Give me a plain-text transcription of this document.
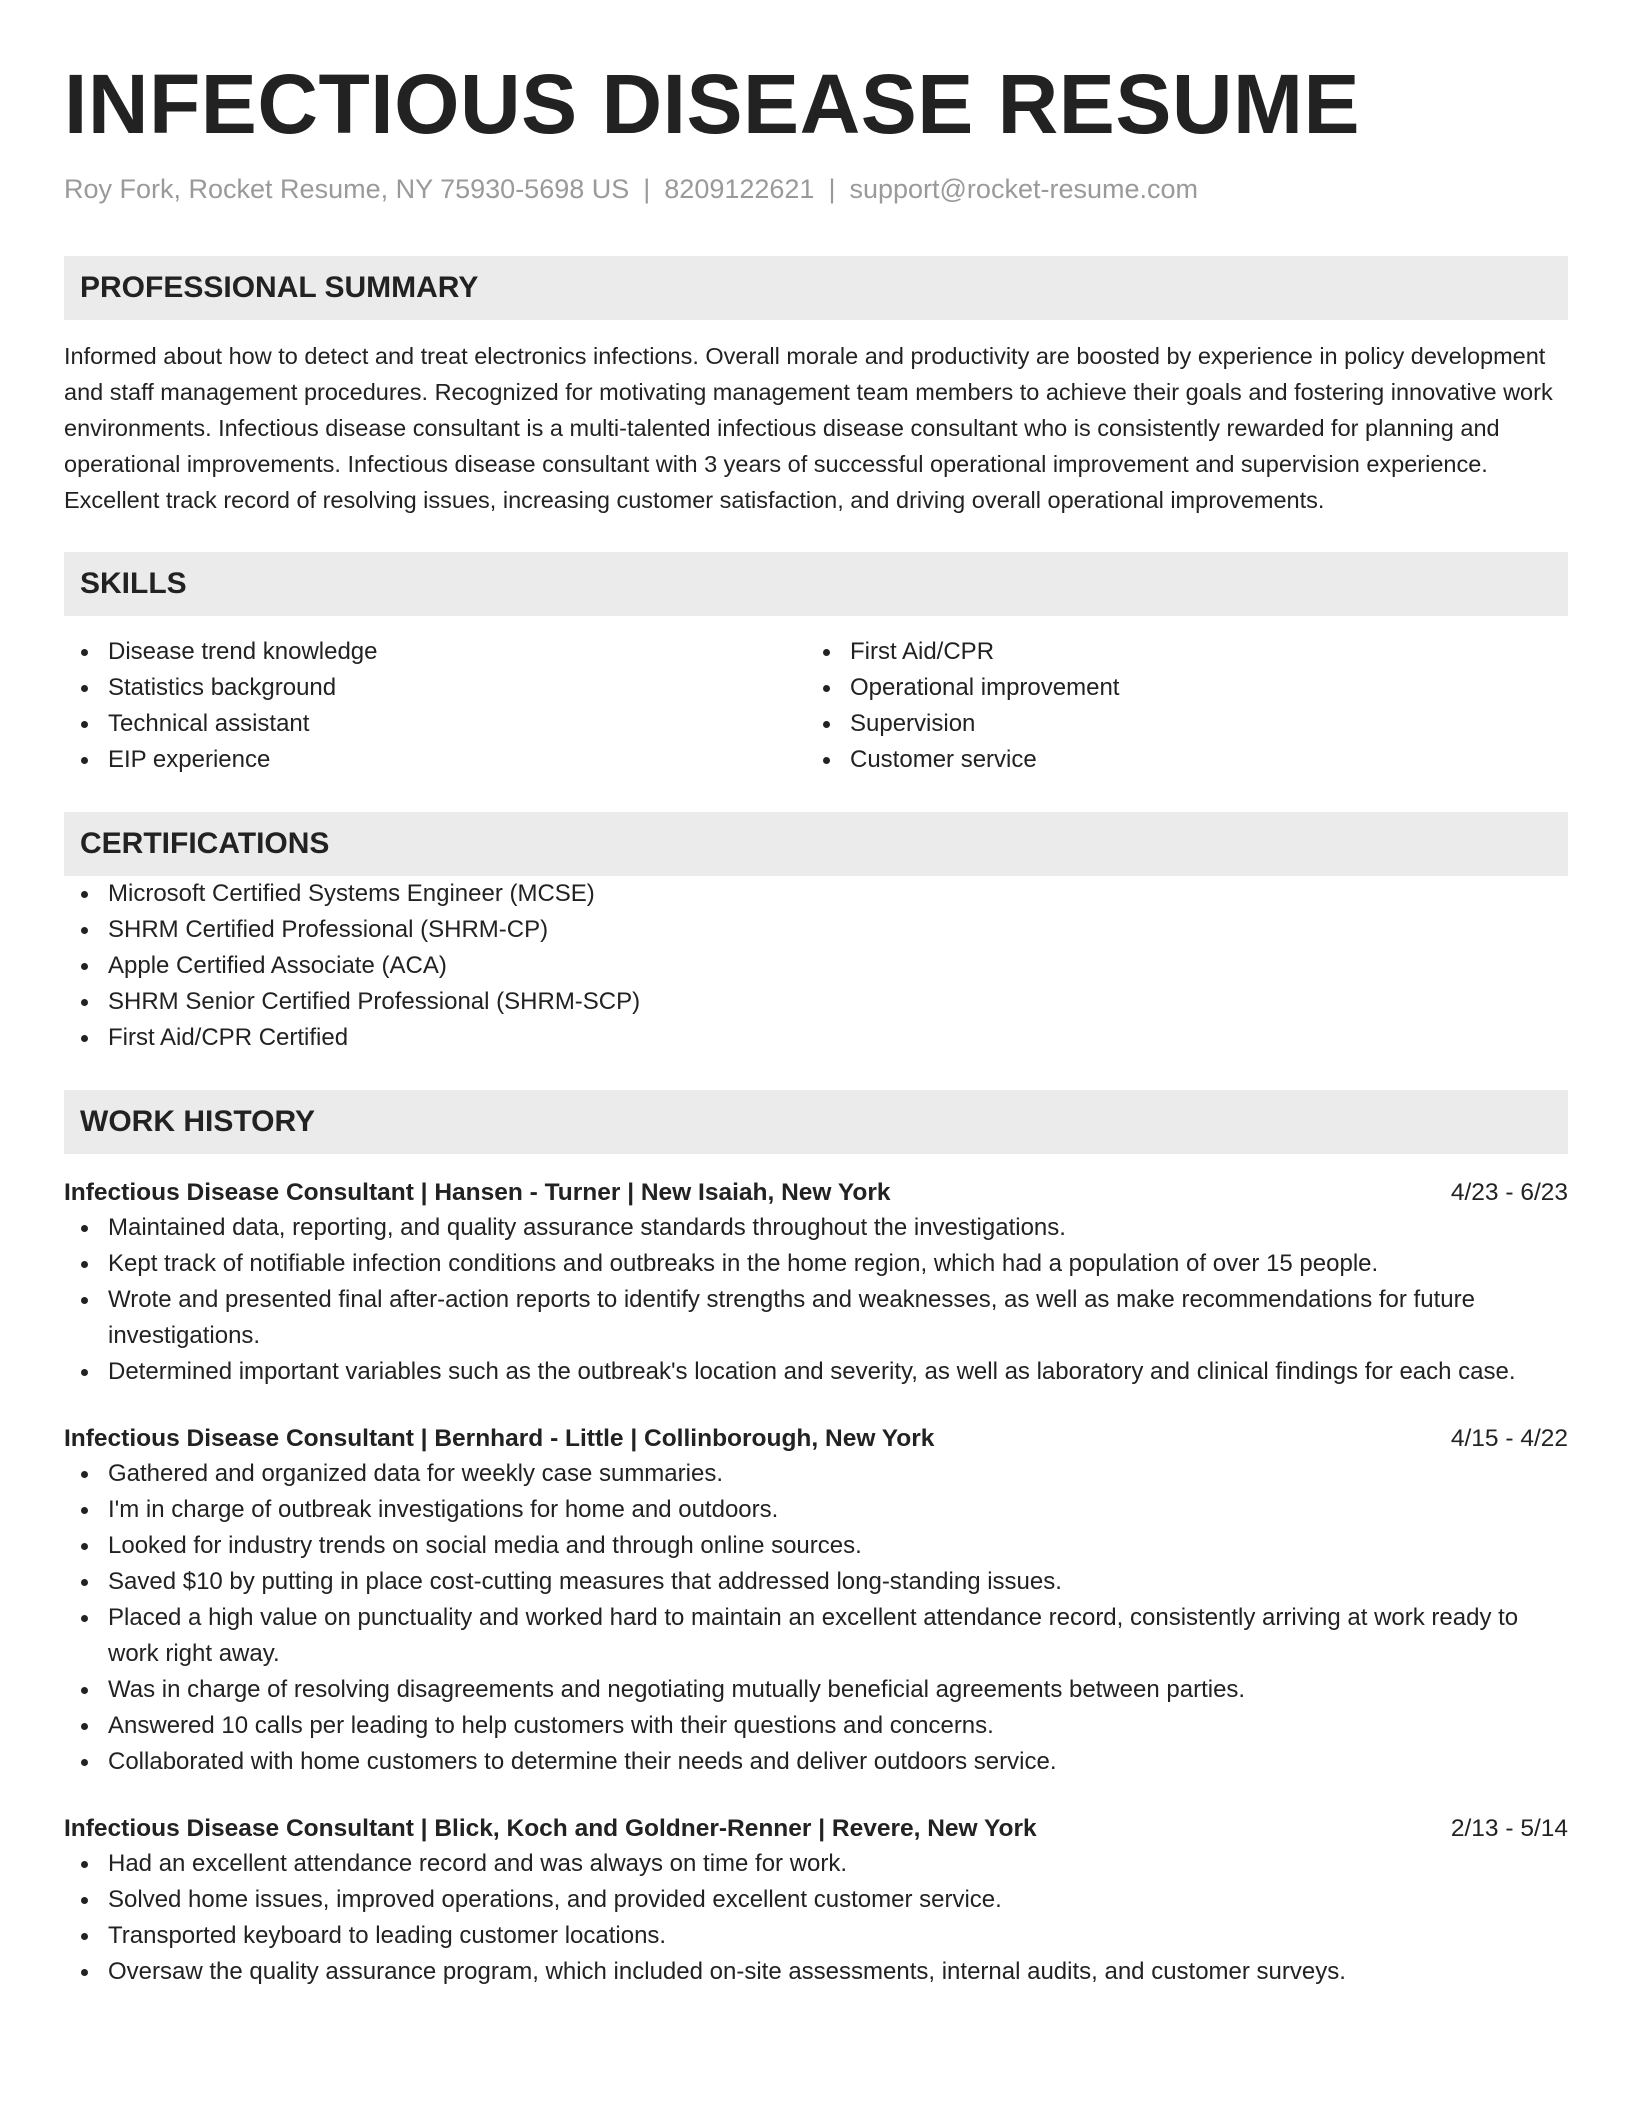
INFECTIOUS DISEASE RESUME
Roy Fork, Rocket Resume, NY 75930-5698 US | 8209122621 | support@rocket-resume.com
PROFESSIONAL SUMMARY
Informed about how to detect and treat electronics infections. Overall morale and productivity are boosted by experience in policy development and staff management procedures. Recognized for motivating management team members to achieve their goals and fostering innovative work environments. Infectious disease consultant is a multi-talented infectious disease consultant who is consistently rewarded for planning and operational improvements. Infectious disease consultant with 3 years of successful operational improvement and supervision experience. Excellent track record of resolving issues, increasing customer satisfaction, and driving overall operational improvements.
SKILLS
Disease trend knowledge
Statistics background
Technical assistant
EIP experience
First Aid/CPR
Operational improvement
Supervision
Customer service
CERTIFICATIONS
Microsoft Certified Systems Engineer (MCSE)
SHRM Certified Professional (SHRM-CP)
Apple Certified Associate (ACA)
SHRM Senior Certified Professional (SHRM-SCP)
First Aid/CPR Certified
WORK HISTORY
Infectious Disease Consultant | Hansen - Turner | New Isaiah, New York	4/23 - 6/23
Maintained data, reporting, and quality assurance standards throughout the investigations.
Kept track of notifiable infection conditions and outbreaks in the home region, which had a population of over 15 people.
Wrote and presented final after-action reports to identify strengths and weaknesses, as well as make recommendations for future investigations.
Determined important variables such as the outbreak's location and severity, as well as laboratory and clinical findings for each case.
Infectious Disease Consultant | Bernhard - Little | Collinborough, New York	4/15 - 4/22
Gathered and organized data for weekly case summaries.
I'm in charge of outbreak investigations for home and outdoors.
Looked for industry trends on social media and through online sources.
Saved $10 by putting in place cost-cutting measures that addressed long-standing issues.
Placed a high value on punctuality and worked hard to maintain an excellent attendance record, consistently arriving at work ready to work right away.
Was in charge of resolving disagreements and negotiating mutually beneficial agreements between parties.
Answered 10 calls per leading to help customers with their questions and concerns.
Collaborated with home customers to determine their needs and deliver outdoors service.
Infectious Disease Consultant | Blick, Koch and Goldner-Renner | Revere, New York	2/13 - 5/14
Had an excellent attendance record and was always on time for work.
Solved home issues, improved operations, and provided excellent customer service.
Transported keyboard to leading customer locations.
Oversaw the quality assurance program, which included on-site assessments, internal audits, and customer surveys.
